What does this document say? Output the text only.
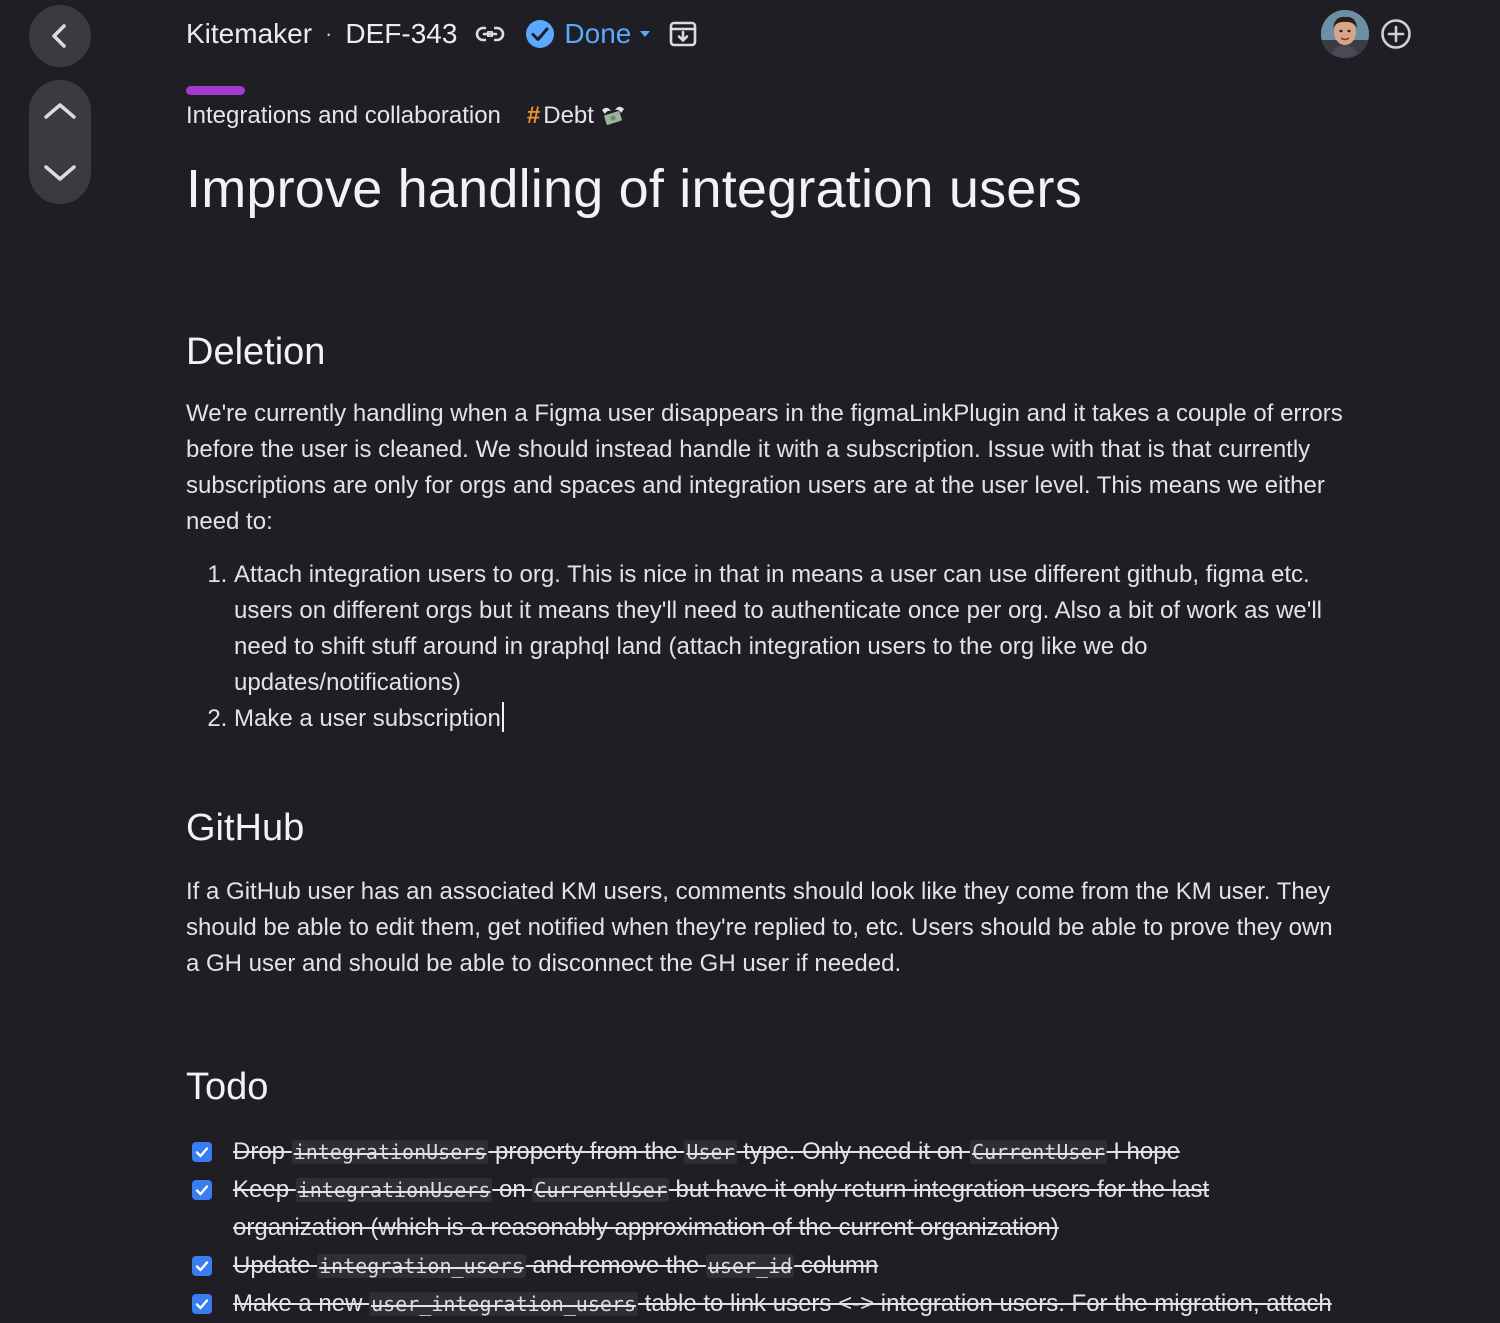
Kitemaker · DEF-343	Done
Integrations and collaboration # Debt
Improve handling of integration users
Deletion

We're currently handling when a Figma user disappears in the figmaLinkPlugin and it takes a couple of errors before the user is cleaned. We should instead handle it with a subscription. Issue with that is that currently subscriptions are only for orgs and spaces and integration users are at the user level. This means we either need to:

1. Attach integration users to org. This is nice in that in means a user can use different github, figma etc. users on different orgs but it means they'll need to authenticate once per org. Also a bit of work as we'll need to shift stuff around in graphql land (attach integration users to the org like we do updates/notifications)
2. Make a user subscription
GitHub

If a GitHub user has an associated KM users, comments should look like they come from the KM user. They should be able to edit them, get notified when they're replied to, etc. Users should be able to prove they own a GH user and should be able to disconnect the GH user if needed.

Todo
Drop integrationUsers property from the User type. Only need it on CurrentUser I hope
Keep integrationUsers on CurrentUser but have it only return integration users for the last organization (which is a reasonably approximation of the current organization)
Update integration_users and remove the user_id column
Make a new user_integration_users table to link users <-> integration users. For the migration, attach
